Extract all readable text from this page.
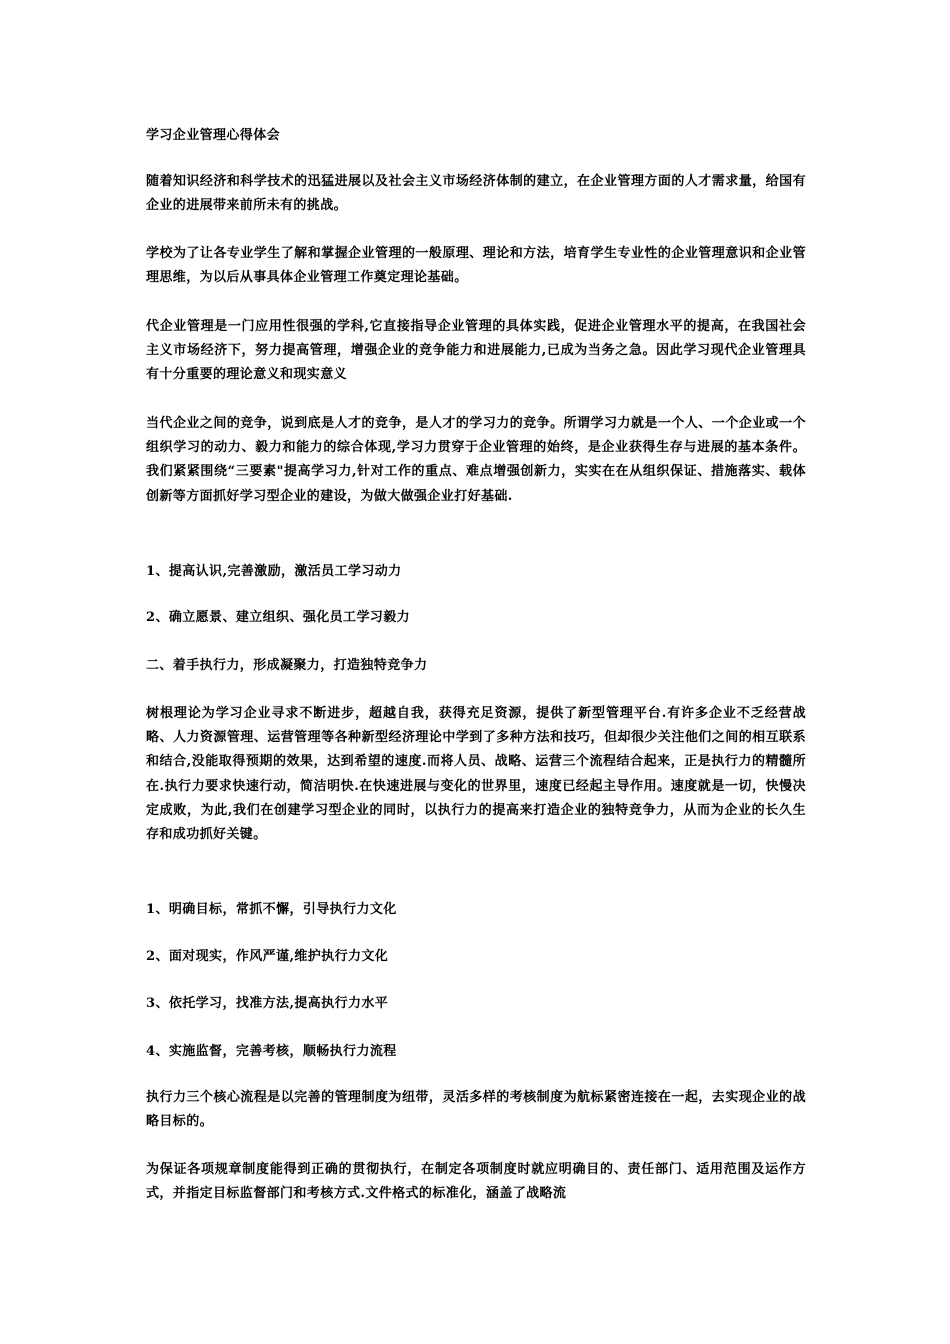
学习企业管理心得体会

随着知识经济和科学技术的迅猛进展以及社会主义市场经济体制的建立，在企业管理方面的人才需求量，给国有企业的进展带来前所未有的挑战。

学校为了让各专业学生了解和掌握企业管理的一般原理、理论和方法，培育学生专业性的企业管理意识和企业管理思维，为以后从事具体企业管理工作奠定理论基础。

代企业管理是一门应用性很强的学科,它直接指导企业管理的具体实践，促进企业管理水平的提高，在我国社会主义市场经济下，努力提高管理，增强企业的竞争能力和进展能力,已成为当务之急。因此学习现代企业管理具有十分重要的理论意义和现实意义

当代企业之间的竞争，说到底是人才的竞争，是人才的学习力的竞争。所谓学习力就是一个人、一个企业或一个组织学习的动力、毅力和能力的综合体现,学习力贯穿于企业管理的始终，是企业获得生存与进展的基本条件。我们紧紧围绕“三要素"提高学习力,针对工作的重点、难点增强创新力，实实在在从组织保证、措施落实、载体创新等方面抓好学习型企业的建设，为做大做强企业打好基础.

1、提高认识,完善激励，激活员工学习动力

2、确立愿景、建立组织、强化员工学习毅力

二、着手执行力，形成凝聚力，打造独特竞争力

树根理论为学习企业寻求不断进步，超越自我，获得充足资源，提供了新型管理平台.有许多企业不乏经营战略、人力资源管理、运营管理等各种新型经济理论中学到了多种方法和技巧，但却很少关注他们之间的相互联系和结合,没能取得预期的效果，达到希望的速度.而将人员、战略、运营三个流程结合起来，正是执行力的精髓所在.执行力要求快速行动，简洁明快.在快速进展与变化的世界里，速度已经起主导作用。速度就是一切，快慢决定成败，为此,我们在创建学习型企业的同时，以执行力的提高来打造企业的独特竞争力，从而为企业的长久生存和成功抓好关键。

1、明确目标，常抓不懈，引导执行力文化

2、面对现实，作风严谨,维护执行力文化

3、依托学习，找准方法,提高执行力水平

4、实施监督，完善考核，顺畅执行力流程

执行力三个核心流程是以完善的管理制度为纽带，灵活多样的考核制度为航标紧密连接在一起，去实现企业的战略目标的。

为保证各项规章制度能得到正确的贯彻执行，在制定各项制度时就应明确目的、责任部门、适用范围及运作方式，并指定目标监督部门和考核方式.文件格式的标准化，涵盖了战略流
